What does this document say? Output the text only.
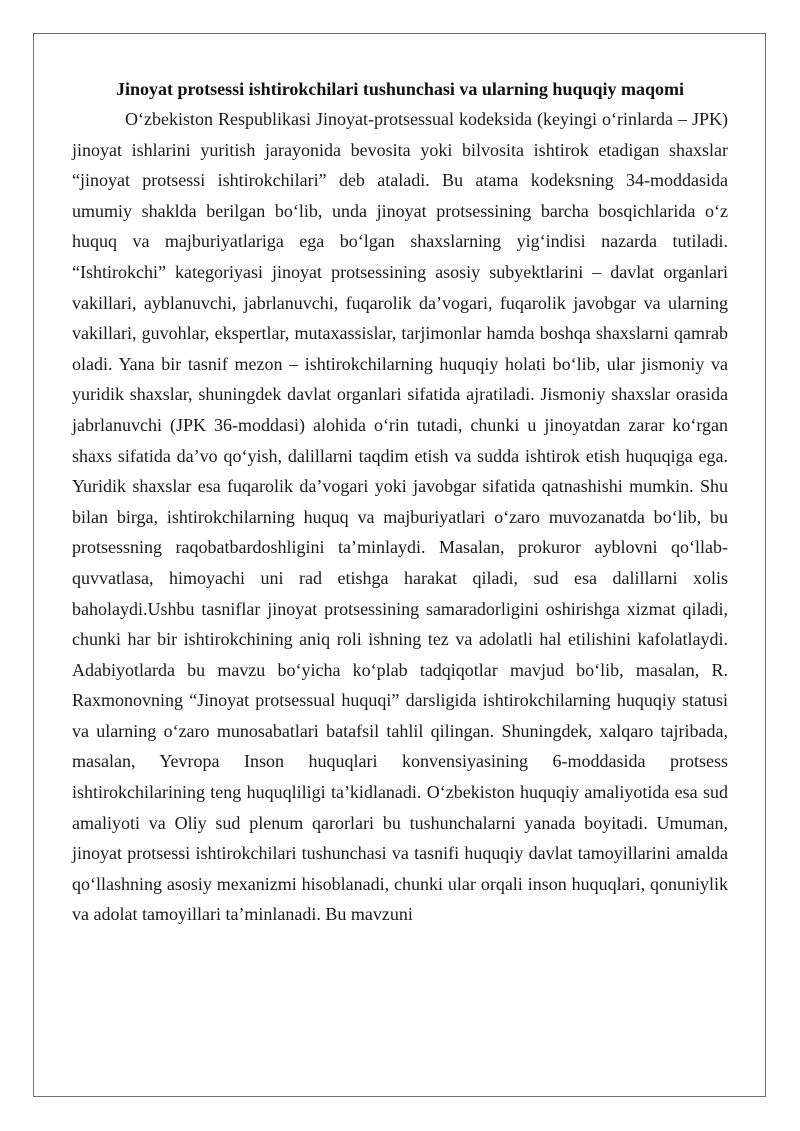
Jinoyat protsessi ishtirokchilari tushunchasi va ularning huquqiy maqomi

O‘zbekiston Respublikasi Jinoyat-protsessual kodeksida (keyingi o‘rinlarda – JPK) jinoyat ishlarini yuritish jarayonida bevosita yoki bilvosita ishtirok etadigan shaxslar “jinoyat protsessi ishtirokchilari” deb ataladi. Bu atama kodeksning 34-moddasida umumiy shaklda berilgan bo‘lib, unda jinoyat protsessining barcha bosqichlarida o‘z huquq va majburiyatlariga ega bo‘lgan shaxslarning yig‘indisi nazarda tutiladi. “Ishtirokchi” kategoriyasi jinoyat protsessining asosiy subyektlarini – davlat organlari vakillari, ayblanuvchi, jabrlanuvchi, fuqarolik da’vogari, fuqarolik javobgar va ularning vakillari, guvohlar, ekspertlar, mutaxassislar, tarjimonlar hamda boshqa shaxslarni qamrab oladi. Yana bir tasnif mezon – ishtirokchilarning huquqiy holati bo‘lib, ular jismoniy va yuridik shaxslar, shuningdek davlat organlari sifatida ajratiladi. Jismoniy shaxslar orasida jabrlanuvchi (JPK 36-moddasi) alohida o‘rin tutadi, chunki u jinoyatdan zarar ko‘rgan shaxs sifatida da’vo qo‘yish, dalillarni taqdim etish va sudda ishtirok etish huquqiga ega. Yuridik shaxslar esa fuqarolik da’vogari yoki javobgar sifatida qatnashishi mumkin. Shu bilan birga, ishtirokchilarning huquq va majburiyatlari o‘zaro muvozanatda bo‘lib, bu protsessning raqobatbardoshligini ta’minlaydi. Masalan, prokuror ayblovni qo‘llab-quvvatlasa, himoyachi uni rad etishga harakat qiladi, sud esa dalillarni xolis baholaydi.Ushbu tasniflar jinoyat protsessining samaradorligini oshirishga xizmat qiladi, chunki har bir ishtirokchining aniq roli ishning tez va adolatli hal etilishini kafolatlaydi. Adabiyotlarda bu mavzu bo‘yicha ko‘plab tadqiqotlar mavjud bo‘lib, masalan, R. Raxmonovning “Jinoyat protsessual huquqi” darsligida ishtirokchilarning huquqiy statusi va ularning o‘zaro munosabatlari batafsil tahlil qilingan. Shuningdek, xalqaro tajribada, masalan, Yevropa Inson huquqlari konvensiyasining 6-moddasida protsess ishtirokchilarining teng huquqliligi ta’kidlanadi. O‘zbekiston huquqiy amaliyotida esa sud amaliyoti va Oliy sud plenum qarorlari bu tushunchalarni yanada boyitadi. Umuman, jinoyat protsessi ishtirokchilari tushunchasi va tasnifi huquqiy davlat tamoyillarini amalda qo‘llashning asosiy mexanizmi hisoblanadi, chunki ular orqali inson huquqlari, qonuniylik va adolat tamoyillari ta’minlanadi. Bu mavzuni
